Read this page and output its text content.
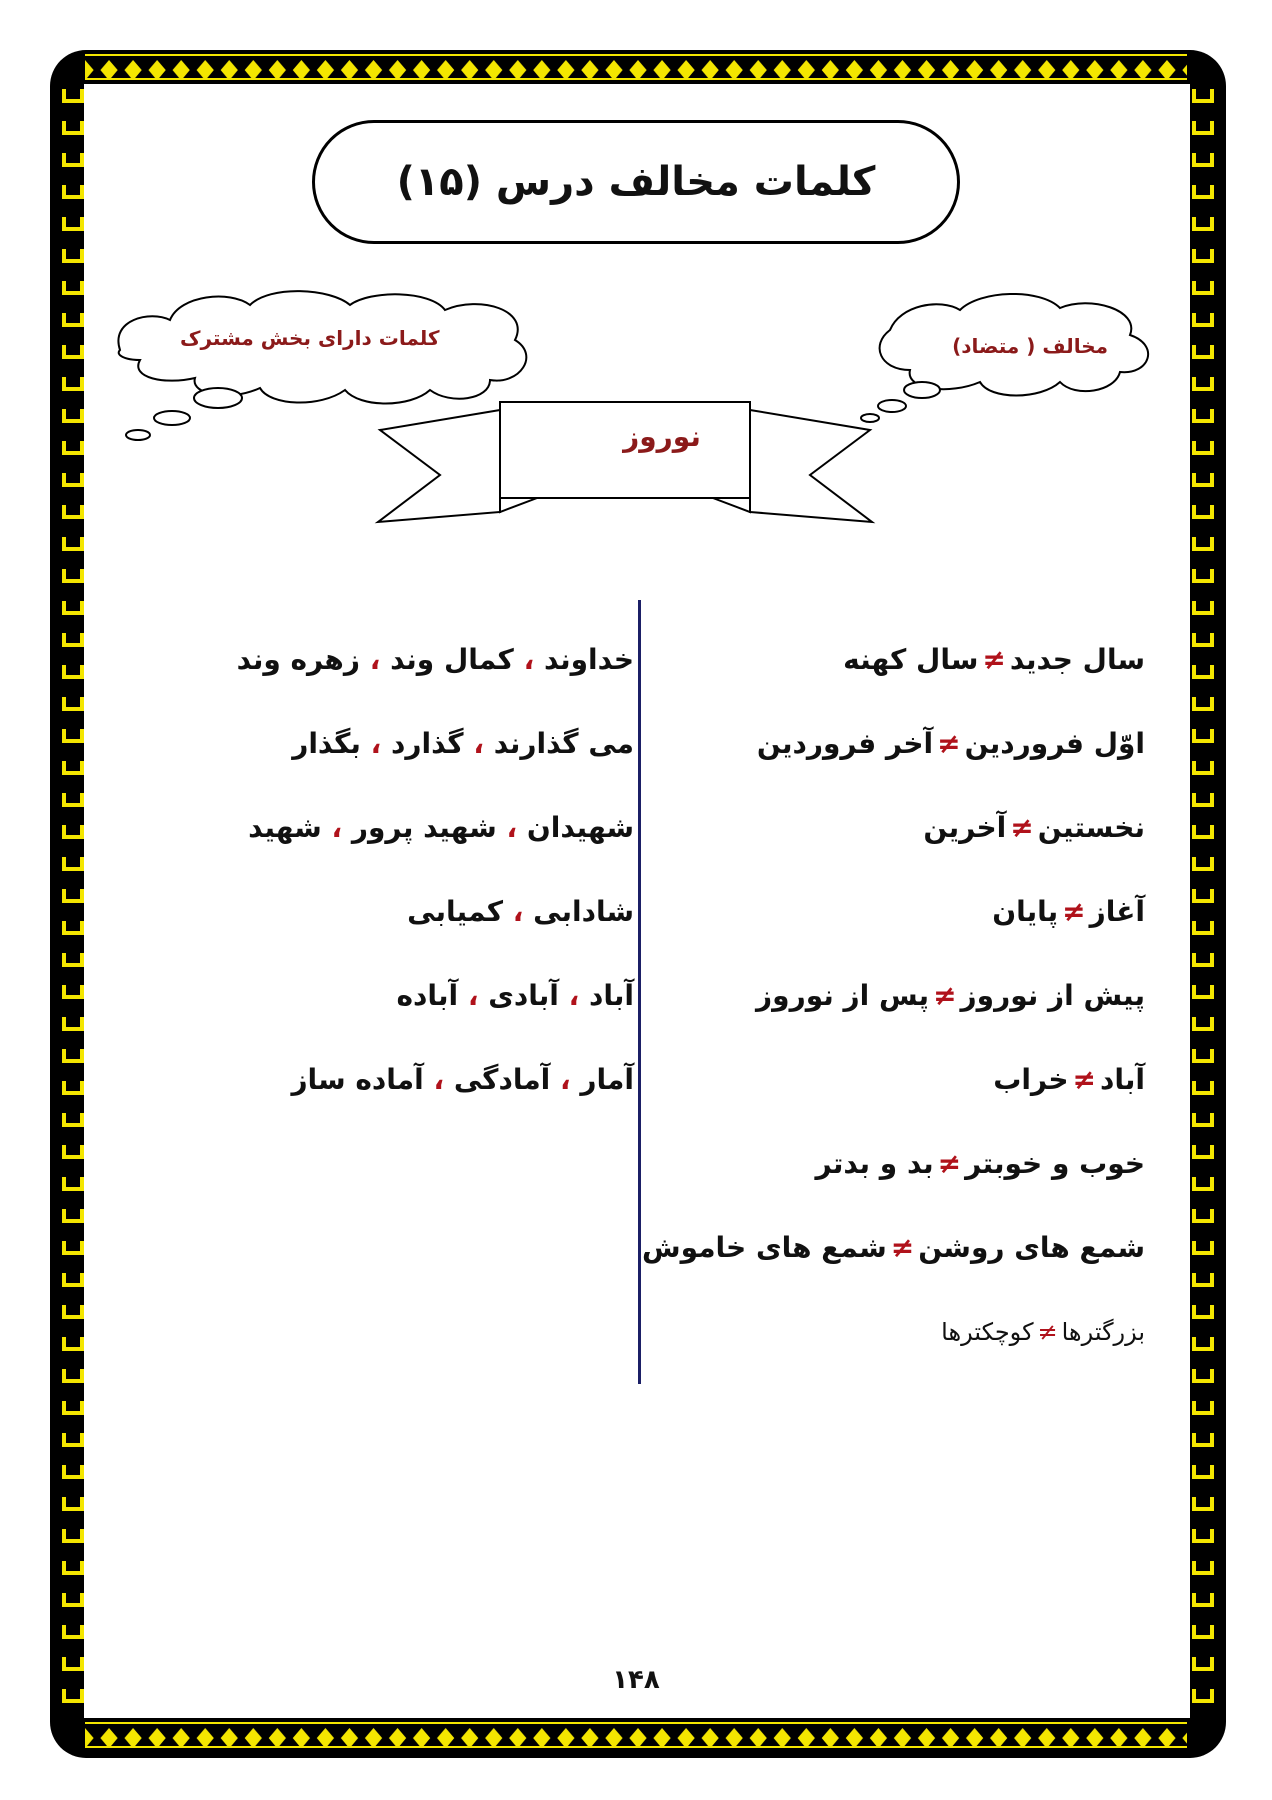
کلمات مخالف درس (۱۵)
کلمات دارای بخش مشترک	مخالف ( متضاد)
نوروز
سال جدید≠سال کهنه
اوّل فروردین≠آخر فروردین
نخستین≠آخرین
آغاز≠پایان
پیش از نوروز≠پس از نوروز
آباد≠خراب
خوب و خوبتر≠بد و بدتر
شمع های روشن≠شمع های خاموش
بزرگترها≠کوچکترها
خداوند ، کمال وند ، زهره وند
می گذارند ، گذارد ، بگذار
شهیدان ، شهید پرور ، شهید
شادابی ، کمیابی
آباد ، آبادی ، آباده
آمار ، آمادگی ، آماده ساز
۱۴۸
